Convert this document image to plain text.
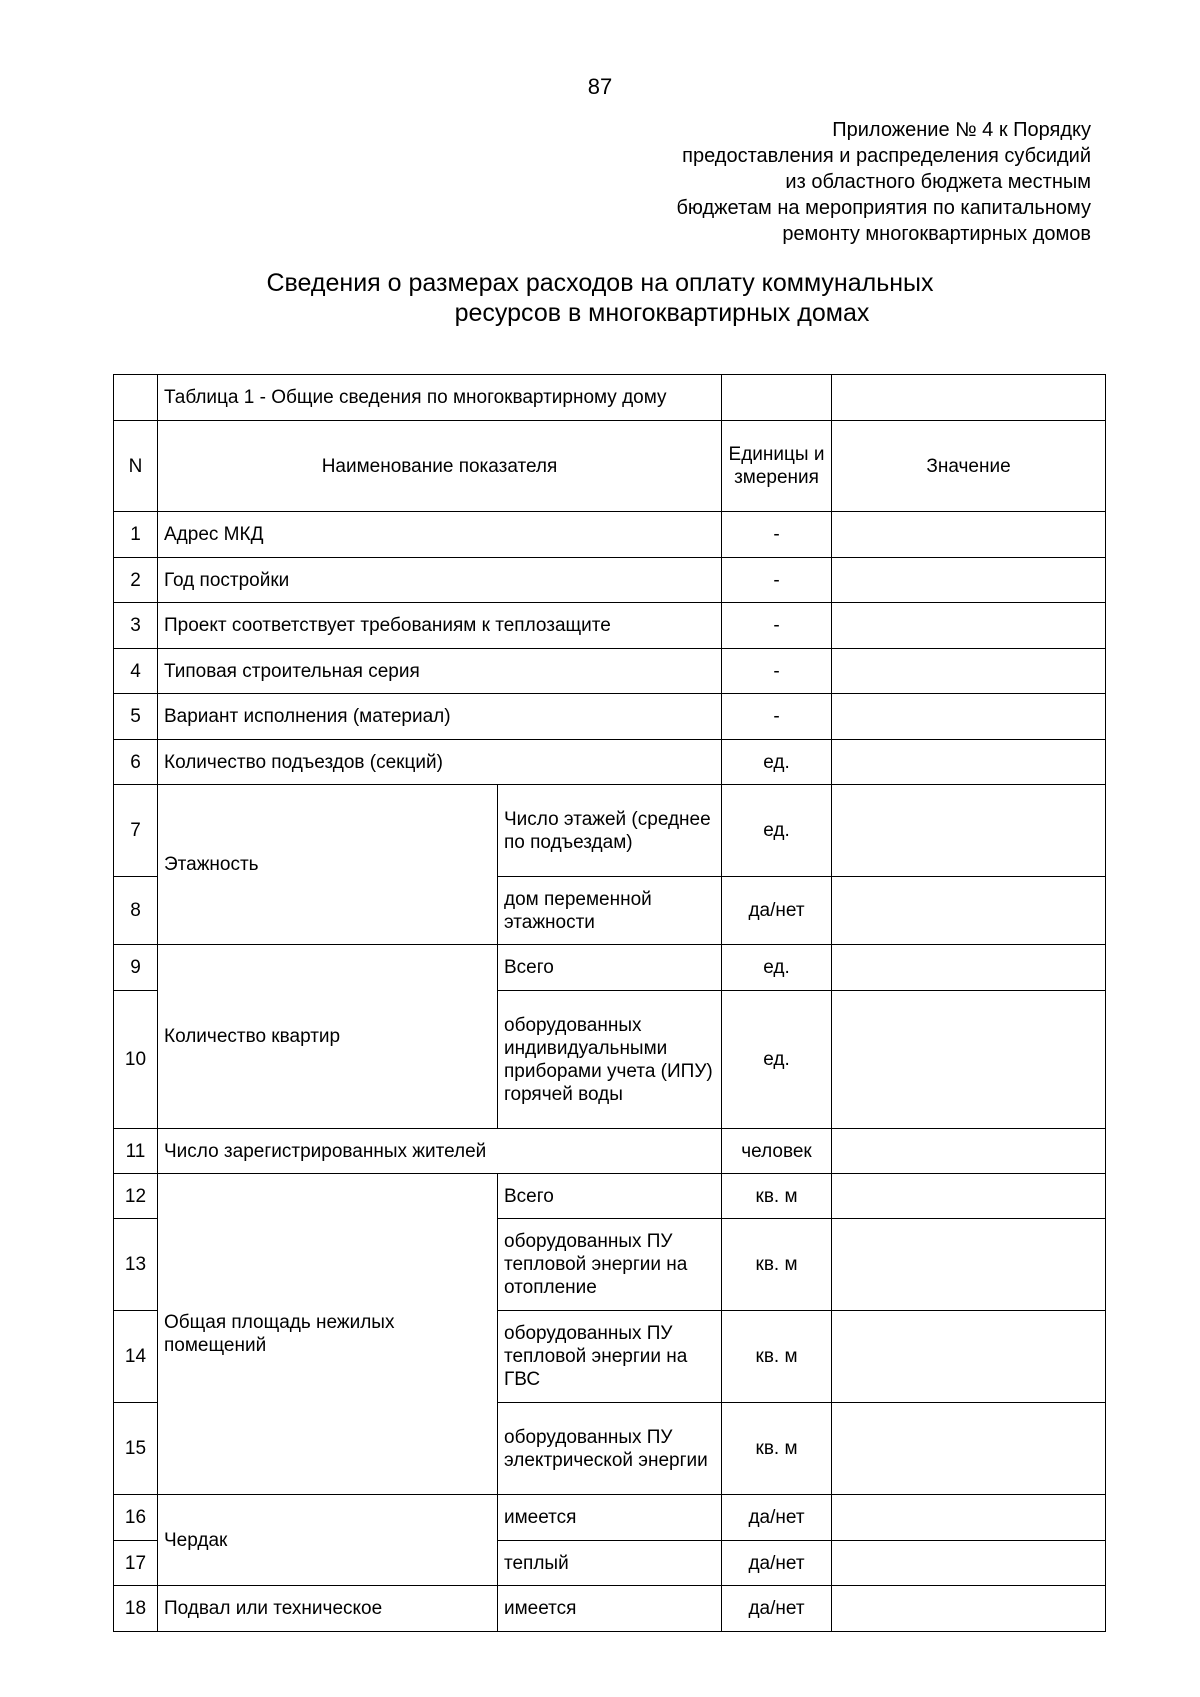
87
Приложение № 4 к Порядку
предоставления и распределения субсидий
из областного бюджета местным
бюджетам на мероприятия по капитальному
ремонту многоквартирных домов
Сведения о размерах расходов на оплату коммунальных
ресурсов в многоквартирных домах
	Таблица 1 - Общие сведения по многоквартирному дому			
N	Наименование показателя		Единицы измерения	Значение
1	Адрес МКД		-	
2	Год постройки		-	
3	Проект соответствует требованиям к теплозащите		-	
4	Типовая строительная серия		-	
5	Вариант исполнения (материал)		-	
6	Количество подъездов (секций)		ед.	
7	Этажность	Число этажей (среднее по подъездам)	ед.	
8		дом переменной этажности	да/нет	
9	Количество квартир	Всего	ед.	
10		оборудованных индивидуальными приборами учета (ИПУ) горячей воды	ед.	
11	Число зарегистрированных жителей		человек	
12	Общая площадь нежилых помещений	Всего	кв. м	
13		оборудованных ПУ тепловой энергии на отопление	кв. м	
14		оборудованных ПУ тепловой энергии на ГВС	кв. м	
15		оборудованных ПУ электрической энергии	кв. м	
16	Чердак	имеется	да/нет	
17		теплый	да/нет	
18	Подвал или техническое	имеется	да/нет	
